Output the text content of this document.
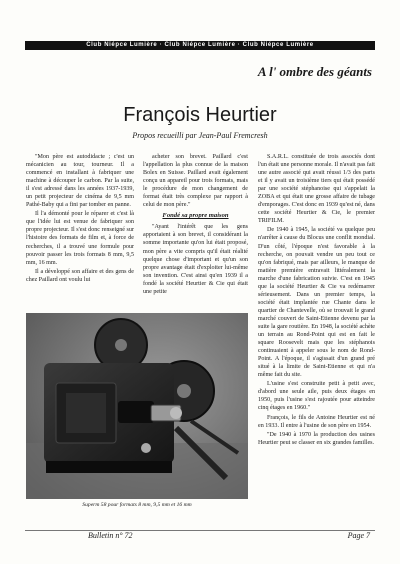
Club Niépce Lumière · Club Niépce Lumière · Club Niépce Lumière
A l' ombre des géants
François Heurtier
Propos recueilli par Jean-Paul Fremcresh

"Mon père est autodidacte ; c'est un mécanicien au tour, tourneur. Il a commencé en installant à fabriquer une machine à découper le carbon. Par la suite, il s'est adressé dans les années 1937-1939, un petit projecteur de cinéma de 9,5 mm Pathé-Baby qui a fini par tomber en panne.

Il l'a démonté pour le réparer et c'est là que l'idée lui est venue de fabriquer son propre projecteur. Il s'est donc renseigné sur l'histoire des formats de film et, à force de recherches, il a trouvé une formule pour pouvoir passer les trois formats 8 mm, 9,5 mm, 16 mm.

Il a développé son affaire et des gens de chez Paillard ont voulu lui

acheter son brevet. Paillard c'est l'appellation la plus connue de la maison Bolex en Suisse. Paillard avait également conçu un appareil pour trois formats, mais le procédure de mon changement de format était très complexe par rapport à celui de mon père."

Fondé sa propre maison

"Ayant l'intérêt que les gens apportaient à son brevet, il considérant la somme importante qu'on lui était proposé, mon père a vite compris qu'il était réalité quelque chose d'important et qu'un son propre avantage était d'exploiter lui-même son invention. C'est ainsi qu'en 1939 il a fondé la société Heurtier & Cie qui était une petite

S.A.R.L. constituée de trois associés dont l'un était une personne morale. Il n'avait pas fait une autre associé qui avait réussi 1/3 des parts et il y avait un troisième tiers qui était possédé par une société stéphanoise qui s'appelait la ZOBA et qui était une grosse affaire de tubage d'emporages. C'est donc en 1939 qu'est né, dans cette société Heurtier & Cie, le premier TRIFILM.

De 1940 à 1945, la société va quelque peu n'arrêter à cause du Blocus une conflit mondial. D'un côté, l'époque n'est favorable à la recherche, on pouvait vendre un peu tout ce qu'on fabriqué, mais par ailleurs, le manque de matière première entravait littéralement la marche d'une fabrication suivie. C'est en 1945 que la société Heurtier & Cie va redémarrer sérieusement. Dans un premier temps, la société était implantée rue Chante dans le quartier de Chantevelle, où se trouvait le grand marché couvert de Saint-Etienne devenu par la suite la gare routière. En 1948, la société achète un terrain au Rond-Point qui est en fait le square Roosevelt mais que les stéphanois continuaient à appeler sous le nom de Rond-Point. A l'époque, il s'agissait d'un grand pré situé à la limite de Saint-Etienne et qui n'a même fait du site.

L'usine s'est construite petit à petit avec, d'abord une seule aile, puis deux étages en 1950, puis l'usine s'est rajoutée pour atteindre cinq étages en 1960."

François, le fils de Antoine Heurtier est né en 1933. Il entre à l'usine de son père en 1954.

"De 1940 à 1970 la production des usines Heurtier peut se classer en six grandes familles.

Superm 58 pour formats 8 mm, 9,5 mm et 16 mm
Bulletin n° 72	Page 7
